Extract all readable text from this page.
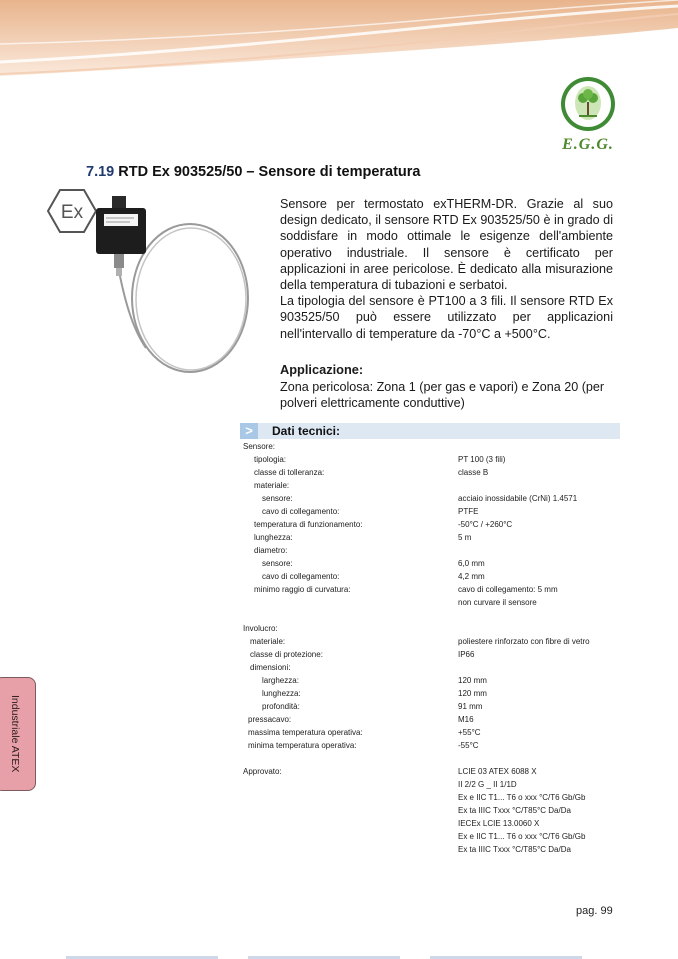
E.G.G.
7.19 RTD Ex 903525/50 – Sensore di temperatura
Ex	Sensore per termostato exTHERM-DR. Grazie al suo design dedicato, il sensore RTD Ex 903525/50 è in grado di soddisfare in modo ottimale le esigenze dell'ambiente operativo industriale. Il sensore è certificato per applicazioni in aree pericolose. È dedicato alla misurazione della temperatura di tubazioni e serbatoi.

La tipologia del sensore è PT100 a 3 fili. Il sensore RTD Ex 903525/50 può essere utilizzato per applicazioni nell'intervallo di temperature da -70°C a +500°C.

Applicazione:
Zona pericolosa: Zona 1 (per gas e vapori) e Zona 20 (per polveri elettricamente conduttive)
>	Dati tecnici:
Sensore:
tipologia:	PT 100 (3 fili)
classe di tolleranza:	classe B
materiale:
sensore:	acciaio inossidabile (CrNi) 1.4571
cavo di collegamento:	PTFE
temperatura di funzionamento:	-50°C / +260°C
lunghezza:	5 m
diametro:
sensore:	6,0 mm
cavo di collegamento:	4,2 mm
minimo raggio di curvatura:	cavo di collegamento: 5 mm
non curvare il sensore
Involucro:
materiale:	poliestere rinforzato con fibre di vetro
classe di protezione:	IP66
dimensioni:
larghezza:	120 mm
lunghezza:	120 mm
profondità:	91 mm
pressacavo:	M16
massima temperatura operativa:	+55°C
minima temperatura operativa:	-55°C
Approvato:	LCIE 03 ATEX 6088 X
II 2/2 G _ II 1/1D
Ex e IIC T1... T6 o xxx °C/T6 Gb/Gb
Ex ta IIIC Txxx °C/T85°C Da/Da
IECEx LCIE 13.0060 X
Ex e IIC T1... T6 o xxx °C/T6 Gb/Gb
Ex ta IIIC Txxx °C/T85°C Da/Da
Industriale ATEX
pag. 99
